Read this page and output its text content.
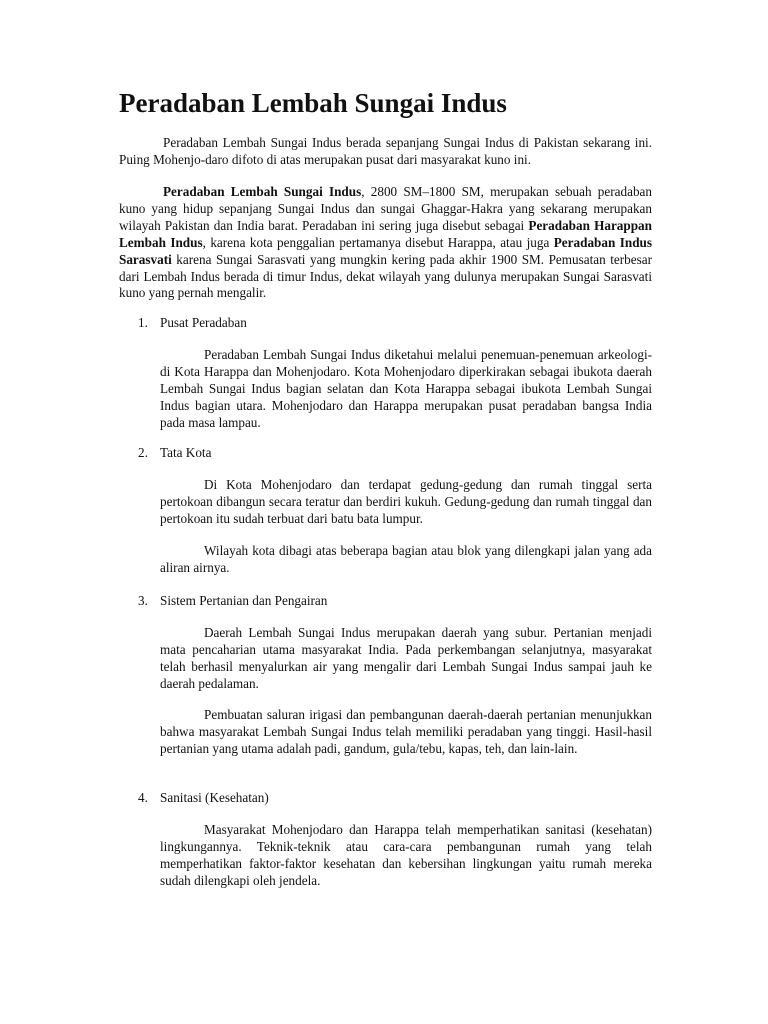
Peradaban Lembah Sungai Indus

Peradaban Lembah Sungai Indus berada sepanjang Sungai Indus di Pakistan sekarang ini. Puing Mohenjo-daro difoto di atas merupakan pusat dari masyarakat kuno ini.

Peradaban Lembah Sungai Indus, 2800 SM–1800 SM, merupakan sebuah peradaban kuno yang hidup sepanjang Sungai Indus dan sungai Ghaggar-Hakra yang sekarang merupakan wilayah Pakistan dan India barat. Peradaban ini sering juga disebut sebagai Peradaban Harappan Lembah Indus, karena kota penggalian pertamanya disebut Harappa, atau juga Peradaban Indus Sarasvati karena Sungai Sarasvati yang mungkin kering pada akhir 1900 SM. Pemusatan terbesar dari Lembah Indus berada di timur Indus, dekat wilayah yang dulunya merupakan Sungai Sarasvati kuno yang pernah mengalir.

1. Pusat Peradaban

Peradaban Lembah Sungai Indus diketahui melalui penemuan-penemuan arkeologi-di Kota Harappa dan Mohenjodaro. Kota Mohenjodaro diperkirakan sebagai ibukota daerah Lembah Sungai Indus bagian selatan dan Kota Harappa sebagai ibukota Lembah Sungai Indus bagian utara. Mohenjodaro dan Harappa merupakan pusat peradaban bangsa India pada masa lampau.

2. Tata Kota

Di Kota Mohenjodaro dan terdapat gedung-gedung dan rumah tinggal serta pertokoan dibangun secara teratur dan berdiri kukuh. Gedung-gedung dan rumah tinggal dan pertokoan itu sudah terbuat dari batu bata lumpur.

Wilayah kota dibagi atas beberapa bagian atau blok yang dilengkapi jalan yang ada aliran airnya.

3. Sistem Pertanian dan Pengairan

Daerah Lembah Sungai Indus merupakan daerah yang subur. Pertanian menjadi mata pencaharian utama masyarakat India. Pada perkembangan selanjutnya, masyarakat telah berhasil menyalurkan air yang mengalir dari Lembah Sungai Indus sampai jauh ke daerah pedalaman.

Pembuatan saluran irigasi dan pembangunan daerah-daerah pertanian menunjukkan bahwa masyarakat Lembah Sungai Indus telah memiliki peradaban yang tinggi. Hasil-hasil pertanian yang utama adalah padi, gandum, gula/tebu, kapas, teh, dan lain-lain.

4. Sanitasi (Kesehatan)

Masyarakat Mohenjodaro dan Harappa telah memperhatikan sanitasi (kesehatan) lingkungannya. Teknik-teknik atau cara-cara pembangunan rumah yang telah memperhatikan faktor-faktor kesehatan dan kebersihan lingkungan yaitu rumah mereka sudah dilengkapi oleh jendela.
